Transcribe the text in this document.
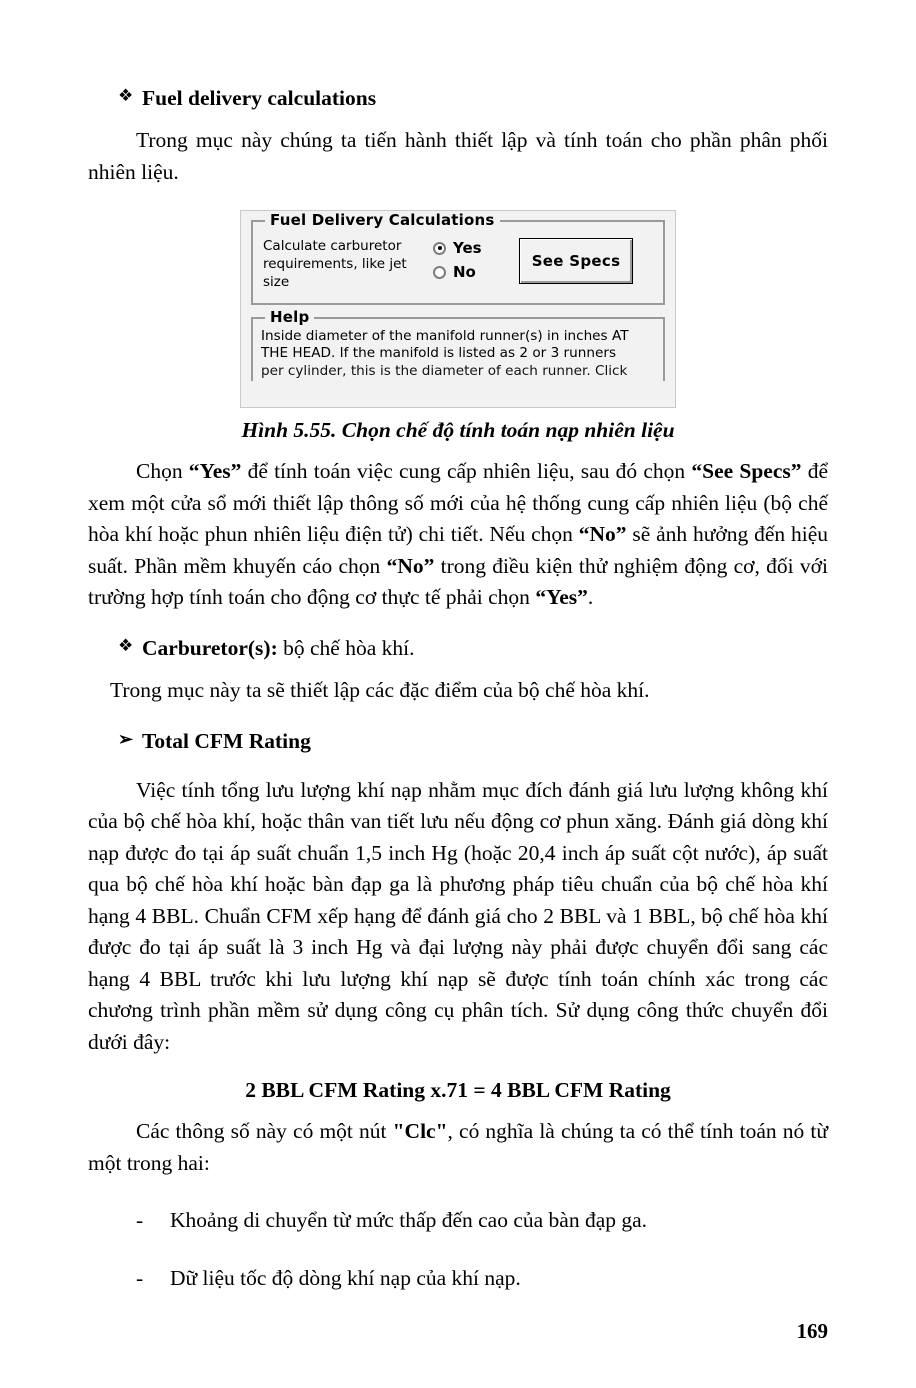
❖ Fuel delivery calculations

Trong mục này chúng ta tiến hành thiết lập và tính toán cho phần phân phối nhiên liệu.

Fuel Delivery Calculations
Calculate carburetor requirements, like jet size
Yes
No
See Specs
Help
Inside diameter of the manifold runner(s) in inches AT
THE HEAD. If the manifold is listed as 2 or 3 runners
per cylinder, this is the diameter of each runner. Click
Hình 5.55. Chọn chế độ tính toán nạp nhiên liệu

Chọn “Yes” để tính toán việc cung cấp nhiên liệu, sau đó chọn “See Specs” để xem một cửa sổ mới thiết lập thông số mới của hệ thống cung cấp nhiên liệu (bộ chế hòa khí hoặc phun nhiên liệu điện tử) chi tiết. Nếu chọn “No” sẽ ảnh hưởng đến hiệu suất. Phần mềm khuyến cáo chọn “No” trong điều kiện thử nghiệm động cơ, đối với trường hợp tính toán cho động cơ thực tế phải chọn “Yes”.

❖ Carburetor(s): bộ chế hòa khí.

Trong mục này ta sẽ thiết lập các đặc điểm của bộ chế hòa khí.

➢ Total CFM Rating

Việc tính tổng lưu lượng khí nạp nhằm mục đích đánh giá lưu lượng không khí của bộ chế hòa khí, hoặc thân van tiết lưu nếu động cơ phun xăng. Đánh giá dòng khí nạp được đo tại áp suất chuẩn 1,5 inch Hg (hoặc 20,4 inch áp suất cột nước), áp suất qua bộ chế hòa khí hoặc bàn đạp ga là phương pháp tiêu chuẩn của bộ chế hòa khí hạng 4 BBL. Chuẩn CFM xếp hạng để đánh giá cho 2 BBL và 1 BBL, bộ chế hòa khí được đo tại áp suất là 3 inch Hg và đại lượng này phải được chuyển đổi sang các hạng 4 BBL trước khi lưu lượng khí nạp sẽ được tính toán chính xác trong các chương trình phần mềm sử dụng công cụ phân tích. Sử dụng công thức chuyển đổi dưới đây:

2 BBL CFM Rating x.71 = 4 BBL CFM Rating

Các thông số này có một nút "Clc", có nghĩa là chúng ta có thể tính toán nó từ một trong hai:

-	Khoảng di chuyển từ mức thấp đến cao của bàn đạp ga.
-	Dữ liệu tốc độ dòng khí nạp của khí nạp.
169
